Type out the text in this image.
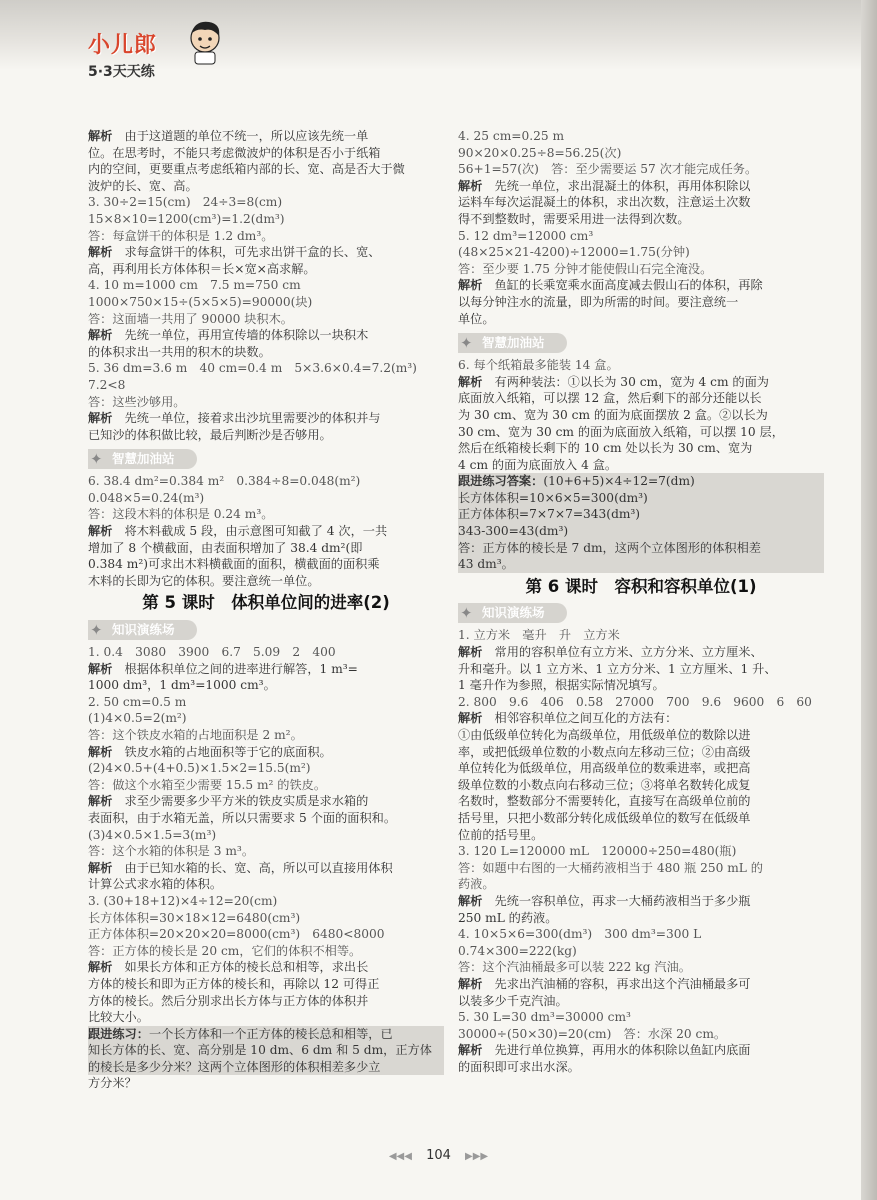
小儿郎
5·3天天练
解析　由于这道题的单位不统一，所以应该先统一单
位。在思考时，不能只考虑微波炉的体积是否小于纸箱
内的空间，更要重点考虑纸箱内部的长、宽、高是否大于微
波炉的长、宽、高。
3. 30÷2=15(cm)　24÷3=8(cm)
15×8×10=1200(cm³)=1.2(dm³)
答：每盒饼干的体积是 1.2 dm³。
解析　求每盒饼干的体积，可先求出饼干盒的长、宽、
高，再利用长方体体积＝长×宽×高求解。
4. 10 m=1000 cm　7.5 m=750 cm
1000×750×15÷(5×5×5)=90000(块)
答：这面墙一共用了 90000 块积木。
解析　先统一单位，再用宣传墙的体积除以一块积木
的体积求出一共用的积木的块数。
5. 36 dm=3.6 m　40 cm=0.4 m　5×3.6×0.4=7.2(m³)
7.2<8
答：这些沙够用。
解析　先统一单位，接着求出沙坑里需要沙的体积并与
已知沙的体积做比较，最后判断沙是否够用。
✦ 智慧加油站
6. 38.4 dm²=0.384 m²　0.384÷8=0.048(m²)
0.048×5=0.24(m³)
答：这段木料的体积是 0.24 m³。
解析　将木料截成 5 段，由示意图可知截了 4 次，一共
增加了 8 个横截面，由表面积增加了 38.4 dm²(即
0.384 m²)可求出木料横截面的面积，横截面的面积乘
木料的长即为它的体积。要注意统一单位。
第 5 课时　体积单位间的进率(2)
✦ 知识演练场
1. 0.4　3080　3900　6.7　5.09　2　400
解析　根据体积单位之间的进率进行解答，1 m³=
1000 dm³，1 dm³=1000 cm³。
2. 50 cm=0.5 m
(1)4×0.5=2(m²)
答：这个铁皮水箱的占地面积是 2 m²。
解析　铁皮水箱的占地面积等于它的底面积。
(2)4×0.5+(4+0.5)×1.5×2=15.5(m²)
答：做这个水箱至少需要 15.5 m² 的铁皮。
解析　求至少需要多少平方米的铁皮实质是求水箱的
表面积，由于水箱无盖，所以只需要求 5 个面的面积和。
(3)4×0.5×1.5=3(m³)
答：这个水箱的体积是 3 m³。
解析　由于已知水箱的长、宽、高，所以可以直接用体积
计算公式求水箱的体积。
3. (30+18+12)×4÷12=20(cm)
长方体体积=30×18×12=6480(cm³)
正方体体积=20×20×20=8000(cm³)　6480<8000
答：正方体的棱长是 20 cm，它们的体积不相等。
解析　如果长方体和正方体的棱长总和相等，求出长
方体的棱长和即为正方体的棱长和，再除以 12 可得正
方体的棱长。然后分别求出长方体与正方体的体积并
比较大小。
跟进练习：一个长方体和一个正方体的棱长总和相等，已
知长方体的长、宽、高分别是 10 dm、6 dm 和 5 dm，正方体
的棱长是多少分米？这两个立体图形的体积相差多少立
方分米？
4. 25 cm=0.25 m
90×20×0.25÷8=56.25(次)
56+1=57(次)　答：至少需要运 57 次才能完成任务。
解析　先统一单位，求出混凝土的体积，再用体积除以
运料车每次运混凝土的体积，求出次数，注意运土次数
得不到整数时，需要采用进一法得到次数。
5. 12 dm³=12000 cm³
(48×25×21-4200)÷12000=1.75(分钟)
答：至少要 1.75 分钟才能使假山石完全淹没。
解析　鱼缸的长乘宽乘水面高度减去假山石的体积，再除
以每分钟注水的流量，即为所需的时间。要注意统一
单位。
✦ 智慧加油站
6. 每个纸箱最多能装 14 盒。
解析　有两种装法：①以长为 30 cm，宽为 4 cm 的面为
底面放入纸箱，可以摆 12 盒，然后剩下的部分还能以长
为 30 cm、宽为 30 cm 的面为底面摆放 2 盒。②以长为
30 cm、宽为 30 cm 的面为底面放入纸箱，可以摆 10 层，
然后在纸箱棱长剩下的 10 cm 处以长为 30 cm、宽为
4 cm 的面为底面放入 4 盒。
跟进练习答案：(10+6+5)×4÷12=7(dm)
长方体体积=10×6×5=300(dm³)
正方体体积=7×7×7=343(dm³)
343-300=43(dm³)
答：正方体的棱长是 7 dm，这两个立体图形的体积相差
43 dm³。
第 6 课时　容积和容积单位(1)
✦ 知识演练场
1. 立方米　毫升　升　立方米
解析　常用的容积单位有立方米、立方分米、立方厘米、
升和毫升。以 1 立方米、1 立方分米、1 立方厘米、1 升、
1 毫升作为参照，根据实际情况填写。
2. 800　9.6　406　0.58　27000　700　9.6　9600　6　60
解析　相邻容积单位之间互化的方法有：
①由低级单位转化为高级单位，用低级单位的数除以进
率，或把低级单位数的小数点向左移动三位；②由高级
单位转化为低级单位，用高级单位的数乘进率，或把高
级单位数的小数点向右移动三位；③将单名数转化成复
名数时，整数部分不需要转化，直接写在高级单位前的
括号里，只把小数部分转化成低级单位的数写在低级单
位前的括号里。
3. 120 L=120000 mL　120000÷250=480(瓶)
答：如題中右图的一大桶药液相当于 480 瓶 250 mL 的
药液。
解析　先统一容积单位，再求一大桶药液相当于多少瓶
250 mL 的药液。
4. 10×5×6=300(dm³)　300 dm³=300 L
0.74×300=222(kg)
答：这个汽油桶最多可以装 222 kg 汽油。
解析　先求出汽油桶的容积，再求出这个汽油桶最多可
以装多少千克汽油。
5. 30 L=30 dm³=30000 cm³
30000÷(50×30)=20(cm)　答：水深 20 cm。
解析　先进行单位换算，再用水的体积除以鱼缸内底面
的面积即可求出水深。
◀◀◀ 104 ▶▶▶
